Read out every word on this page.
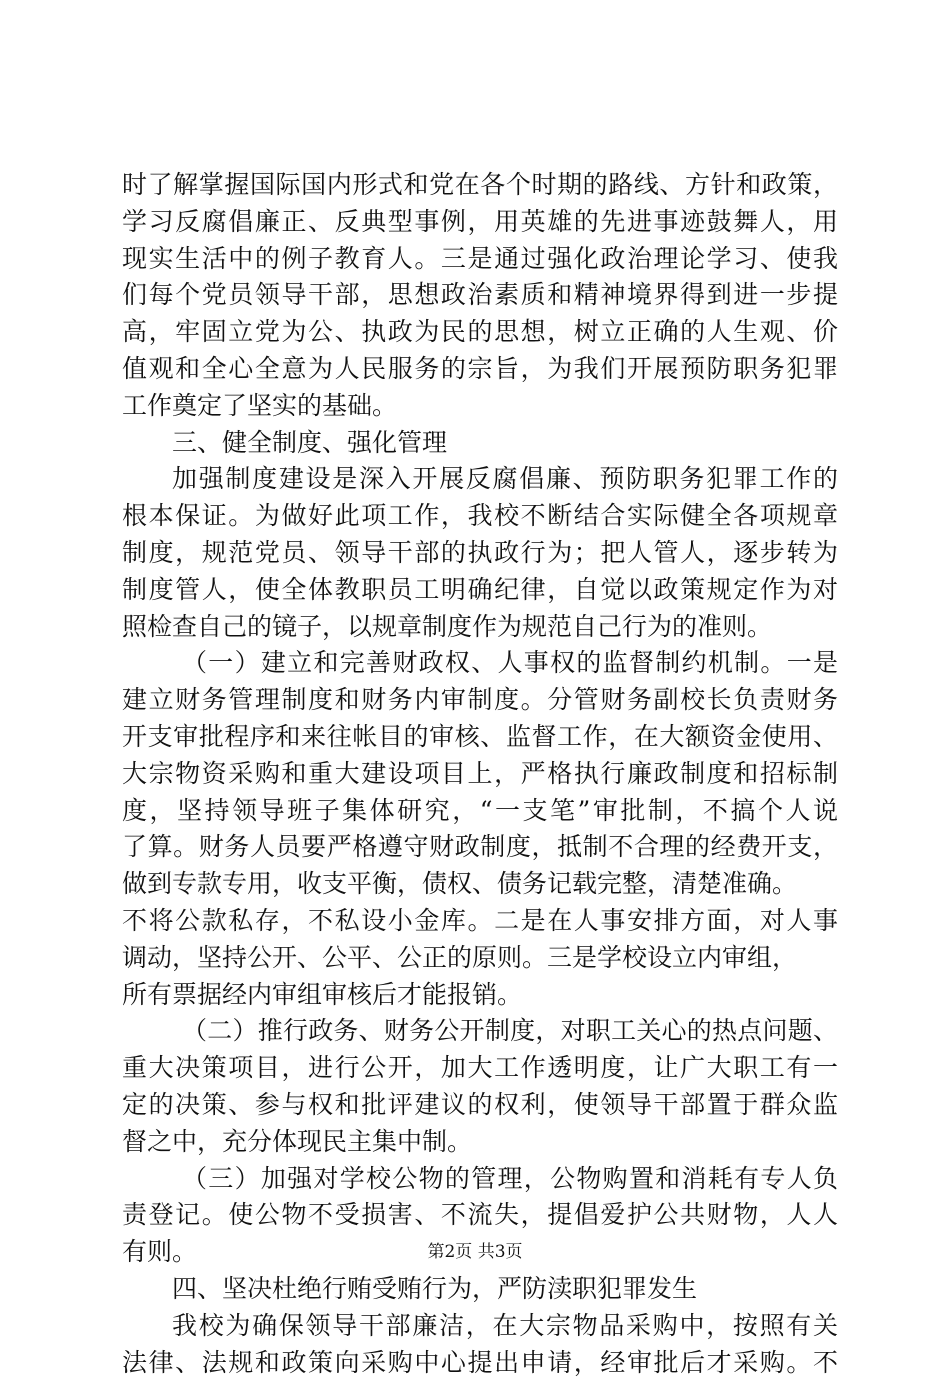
时了解掌握国际国内形式和党在各个时期的路线、方针和政策，
学习反腐倡廉正、反典型事例，用英雄的先进事迹鼓舞人，用
现实生活中的例子教育人。三是通过强化政治理论学习、使我
们每个党员领导干部，思想政治素质和精神境界得到进一步提
高，牢固立党为公、执政为民的思想，树立正确的人生观、价
值观和全心全意为人民服务的宗旨，为我们开展预防职务犯罪
工作奠定了坚实的基础。
三、健全制度、强化管理
加强制度建设是深入开展反腐倡廉、预防职务犯罪工作的
根本保证。为做好此项工作，我校不断结合实际健全各项规章
制度，规范党员、领导干部的执政行为；把人管人，逐步转为
制度管人，使全体教职员工明确纪律，自觉以政策规定作为对
照检查自己的镜子，以规章制度作为规范自己行为的准则。
（一）建立和完善财政权、人事权的监督制约机制。一是
建立财务管理制度和财务内审制度。分管财务副校长负责财务
开支审批程序和来往帐目的审核、监督工作，在大额资金使用、
大宗物资采购和重大建设项目上，严格执行廉政制度和招标制
度，坚持领导班子集体研究，“一支笔”审批制，不搞个人说
了算。财务人员要严格遵守财政制度，抵制不合理的经费开支，
做到专款专用，收支平衡，债权、债务记载完整，清楚准确。
不将公款私存，不私设小金库。二是在人事安排方面，对人事
调动，坚持公开、公平、公正的原则。三是学校设立内审组，
所有票据经内审组审核后才能报销。
（二）推行政务、财务公开制度，对职工关心的热点问题、
重大决策项目，进行公开，加大工作透明度，让广大职工有一
定的决策、参与权和批评建议的权利，使领导干部置于群众监
督之中，充分体现民主集中制。
（三）加强对学校公物的管理，公物购置和消耗有专人负
责登记。使公物不受损害、不流失，提倡爱护公共财物，人人
有则。
四、坚决杜绝行贿受贿行为，严防渎职犯罪发生
我校为确保领导干部廉洁，在大宗物品采购中，按照有关
法律、法规和政策向采购中心提出申请，经审批后才采购。不
第2页 共3页
